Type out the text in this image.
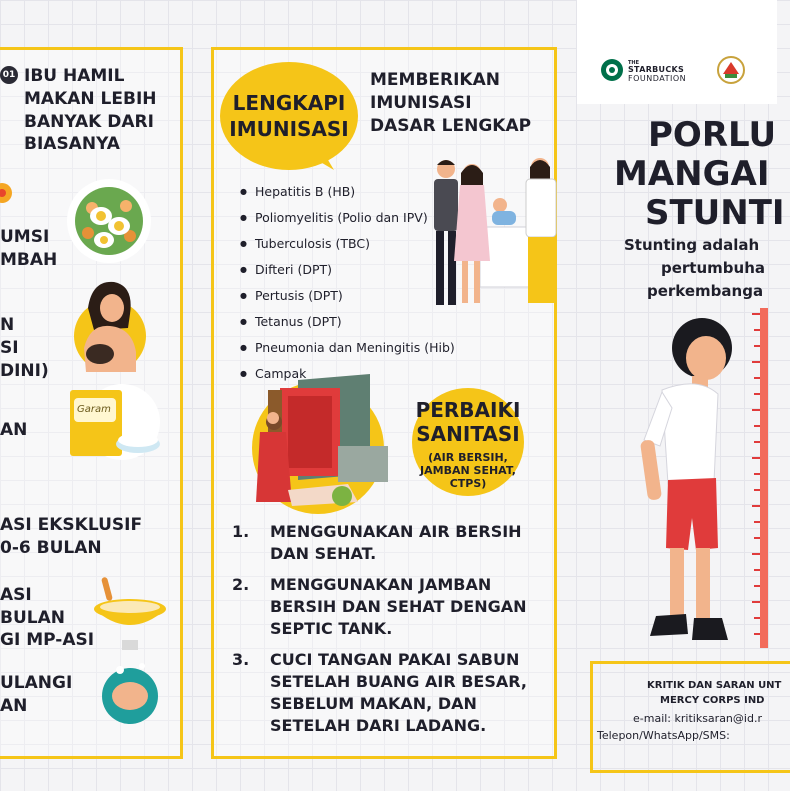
01 IBU HAMIL
MAKAN LEBIH
BANYAK DARI
BIASANYA
UMSI
MBAH
N
SI
DINI)
Garam
AN
ASI EKSKLUSIF
0-6 BULAN
ASI
BULAN
GI MP-ASI
ULANGI
AN
LENGKAPI
IMUNISASI
MEMBERIKAN
IMUNISASI
DASAR LENGKAP
● Hepatitis B (HB)
● Poliomyelitis (Polio dan IPV)
● Tuberculosis (TBC)
● Difteri (DPT)
● Pertusis (DPT)
● Tetanus (DPT)
● Pneumonia dan Meningitis (Hib)
● Campak
PERBAIKI
SANITASI
(AIR BERSIH,
JAMBAN SEHAT,
CTPS)
1.	MENGGUNAKAN AIR BERSIH DAN SEHAT.
2.	MENGGUNAKAN JAMBAN BERSIH DAN SEHAT DENGAN SEPTIC TANK.
3.	CUCI TANGAN PAKAI SABUN SETELAH BUANG AIR BESAR, SEBELUM MAKAN, DAN SETELAH DARI LADANG.
THE
STARBUCKS
FOUNDATION
PORLU
MANGAI
STUNTI
Stunting adalah
pertumbuha
perkembanga
KRITIK DAN SARAN UNT
MERCY CORPS IND
e-mail: kritiksaran@id.r
Telepon/WhatsApp/SMS:
